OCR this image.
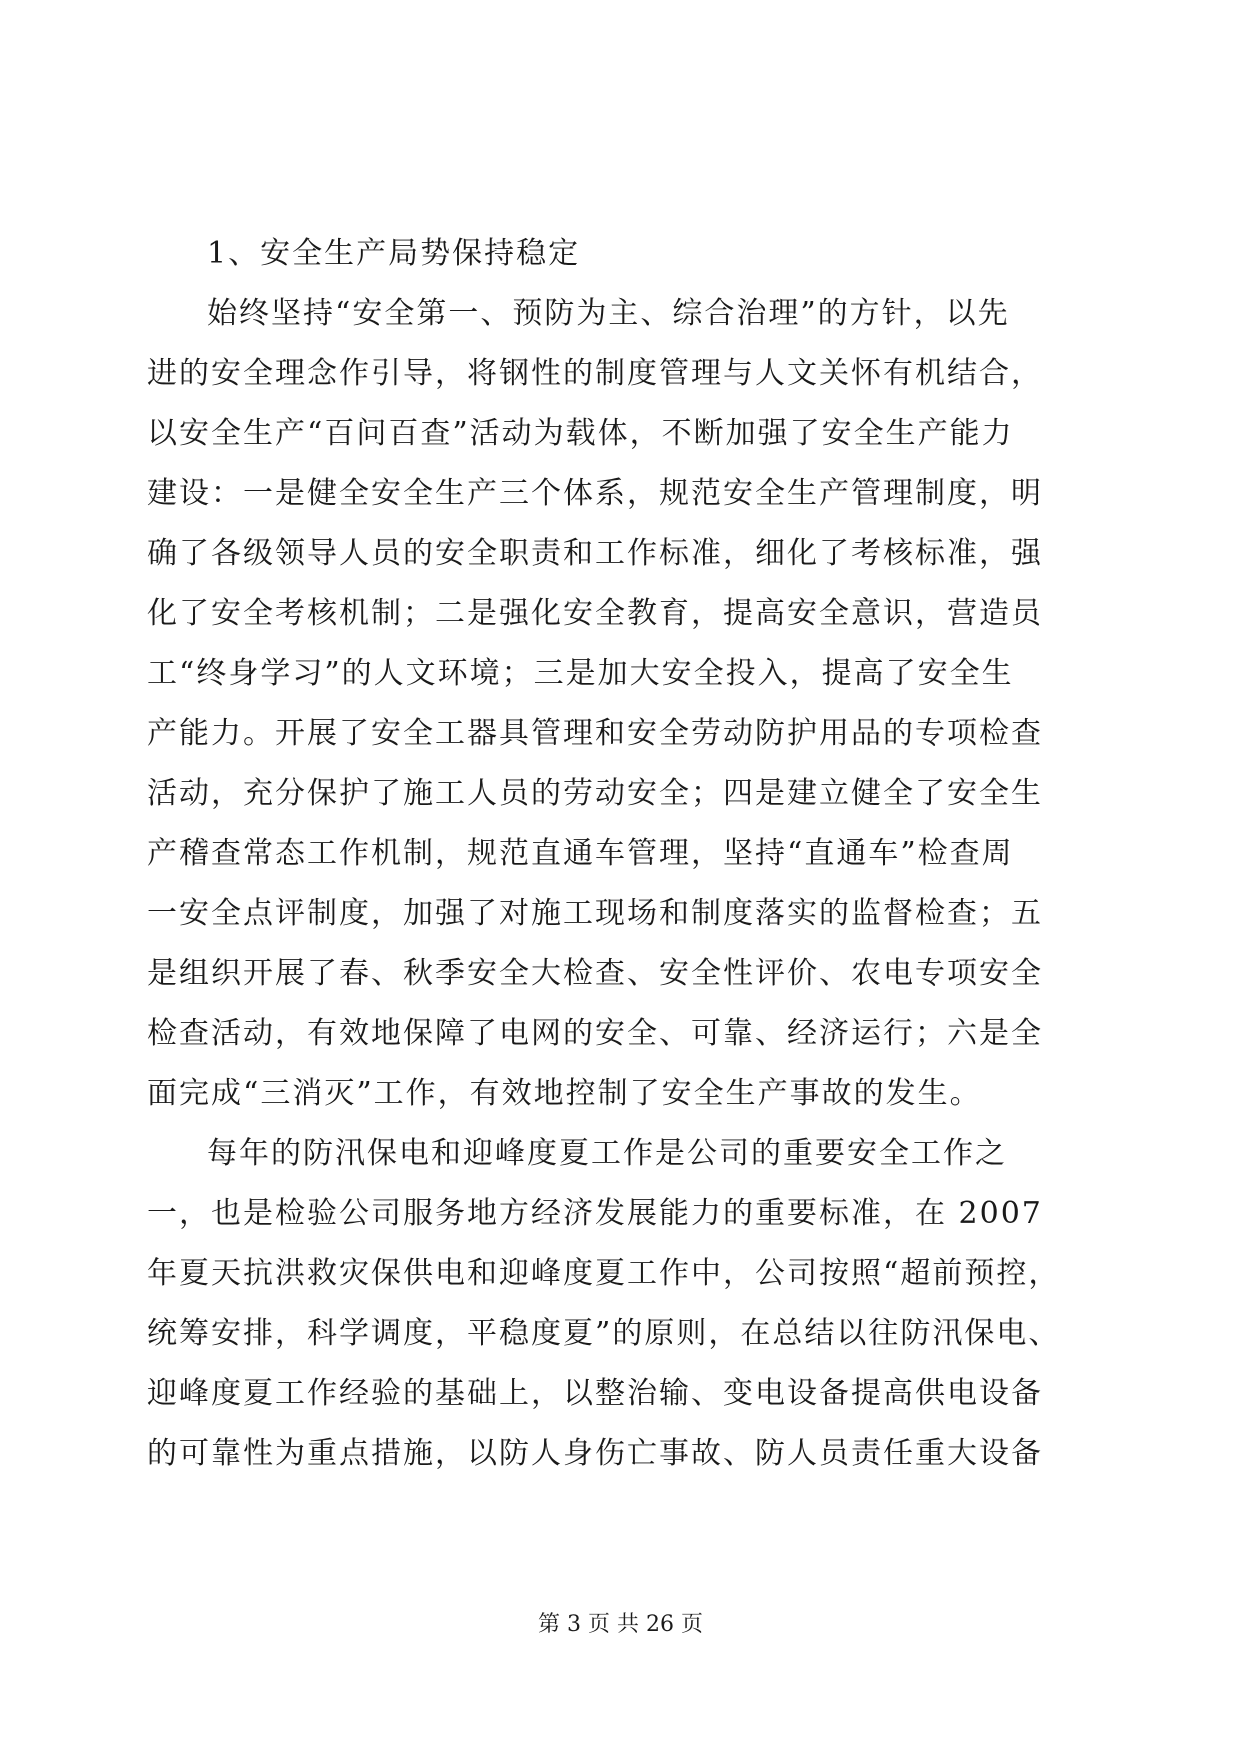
1、安全生产局势保持稳定
始终坚持“安全第一、预防为主、综合治理”的方针，以先
进的安全理念作引导，将钢性的制度管理与人文关怀有机结合，
以安全生产“百问百查”活动为载体，不断加强了安全生产能力
建设：一是健全安全生产三个体系，规范安全生产管理制度，明
确了各级领导人员的安全职责和工作标准，细化了考核标准，强
化了安全考核机制；二是强化安全教育，提高安全意识，营造员
工“终身学习”的人文环境；三是加大安全投入，提高了安全生
产能力。开展了安全工器具管理和安全劳动防护用品的专项检查
活动，充分保护了施工人员的劳动安全；四是建立健全了安全生
产稽查常态工作机制，规范直通车管理，坚持“直通车”检查周
一安全点评制度，加强了对施工现场和制度落实的监督检查；五
是组织开展了春、秋季安全大检查、安全性评价、农电专项安全
检查活动，有效地保障了电网的安全、可靠、经济运行；六是全
面完成“三消灭”工作，有效地控制了安全生产事故的发生。
每年的防汛保电和迎峰度夏工作是公司的重要安全工作之
一，也是检验公司服务地方经济发展能力的重要标准，在 2007
年夏天抗洪救灾保供电和迎峰度夏工作中，公司按照“超前预控，
统筹安排，科学调度，平稳度夏”的原则，在总结以往防汛保电、
迎峰度夏工作经验的基础上，以整治输、变电设备提高供电设备
的可靠性为重点措施，以防人身伤亡事故、防人员责任重大设备
第 3 页 共 26 页
